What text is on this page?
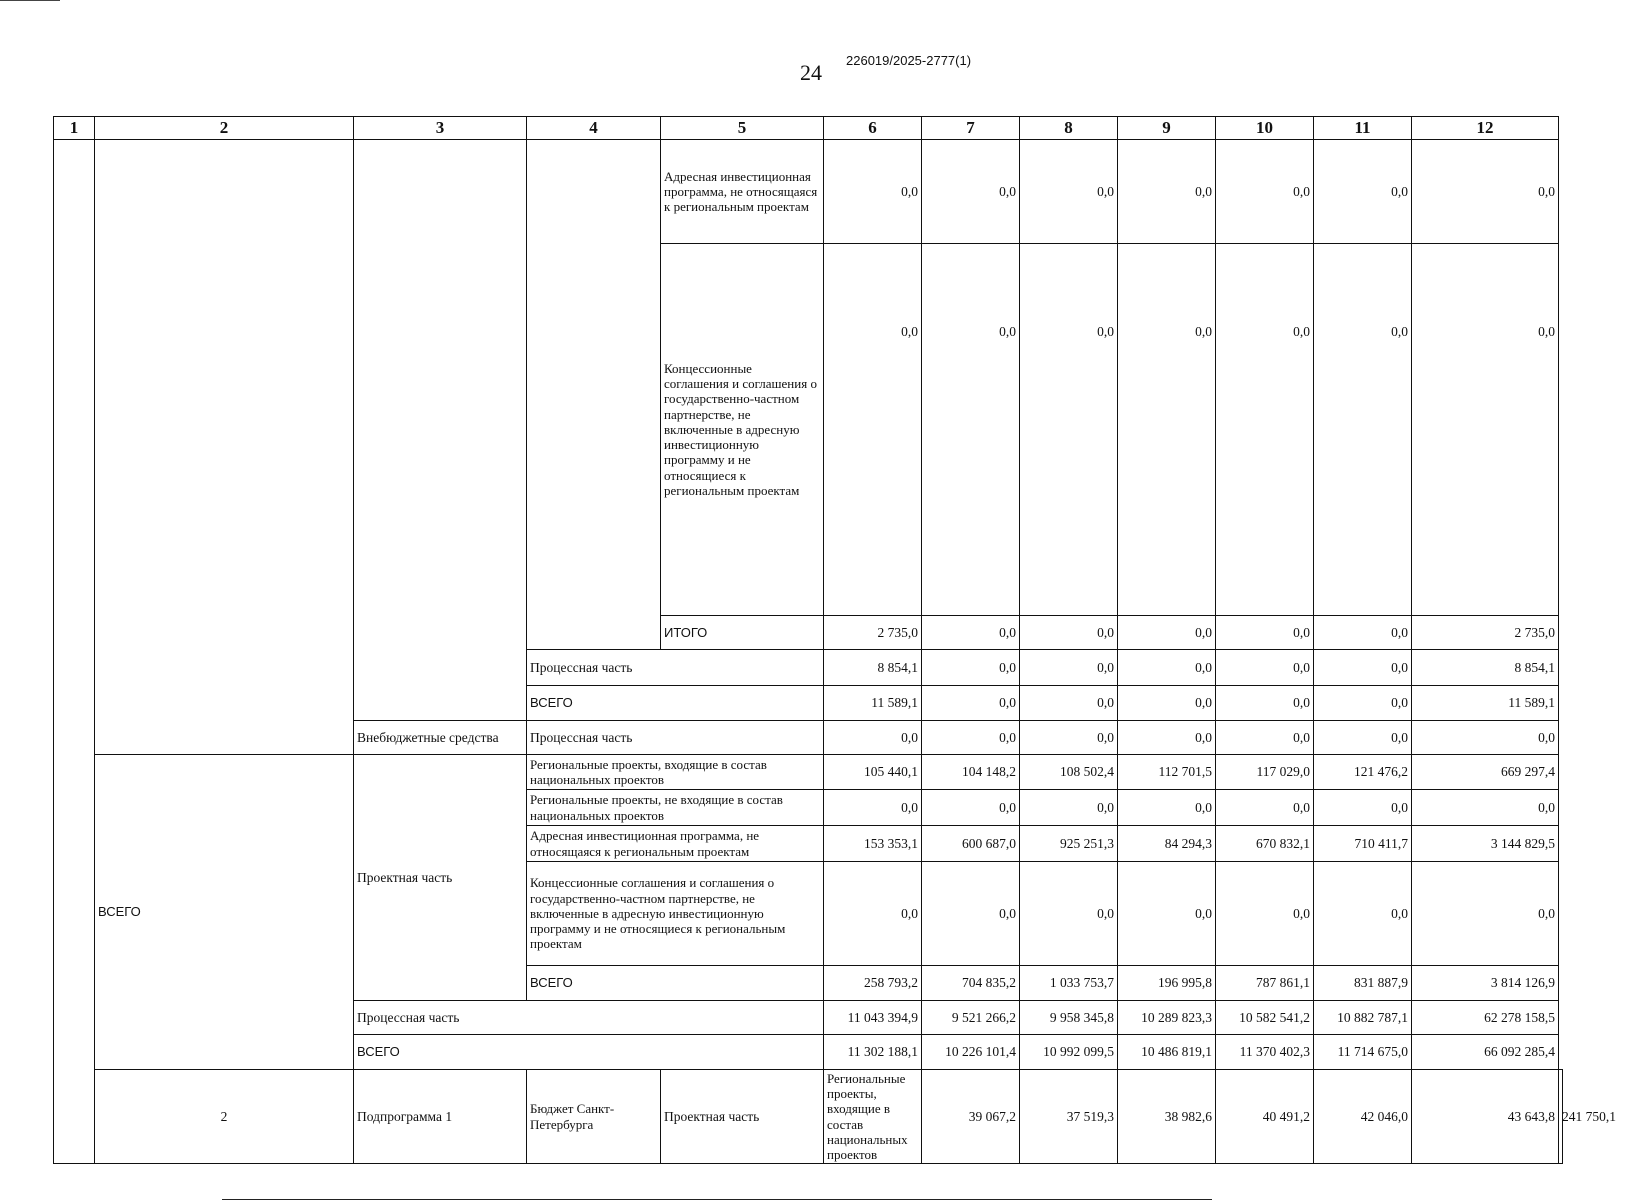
24 226019/2025-2777(1)
1	2	3	4	5	6	7	8	9	10	11	12	
				Адресная инвестиционная программа, не относящаяся к региональным проектам	0,0	0,0	0,0	0,0	0,0	0,0	0,0	
				Концессионные соглашения и соглашения о государственно-частном партнерстве, не включенные в адресную инвестиционную программу и не относящиеся к региональным проектам	0,0	0,0	0,0	0,0	0,0	0,0	0,0	
				ИТОГО	2 735,0	0,0	0,0	0,0	0,0	0,0	2 735,0	
			Процессная часть		8 854,1	0,0	0,0	0,0	0,0	0,0	8 854,1	
			ВСЕГО		11 589,1	0,0	0,0	0,0	0,0	0,0	11 589,1	
		Внебюджетные средства	Процессная часть		0,0	0,0	0,0	0,0	0,0	0,0	0,0	
	ВСЕГО	Проектная часть	Региональные проекты, входящие в состав национальных проектов		105 440,1	104 148,2	108 502,4	112 701,5	117 029,0	121 476,2	669 297,4	
			Региональные проекты, не входящие в состав национальных проектов		0,0	0,0	0,0	0,0	0,0	0,0	0,0	
			Адресная инвестиционная программа, не относящаяся к региональным проектам		153 353,1	600 687,0	925 251,3	84 294,3	670 832,1	710 411,7	3 144 829,5	
			Концессионные соглашения и соглашения о государственно-частном партнерстве, не включенные в адресную инвестиционную программу и не относящиеся к региональным проектам		0,0	0,0	0,0	0,0	0,0	0,0	0,0	
			ВСЕГО		258 793,2	704 835,2	1 033 753,7	196 995,8	787 861,1	831 887,9	3 814 126,9	
		Процессная часть			11 043 394,9	9 521 266,2	9 958 345,8	10 289 823,3	10 582 541,2	10 882 787,1	62 278 158,5	
		ВСЕГО			11 302 188,1	10 226 101,4	10 992 099,5	10 486 819,1	11 370 402,3	11 714 675,0	66 092 285,4	
	2	Подпрограмма 1	Бюджет Санкт-Петербурга	Проектная часть	Региональные проекты, входящие в состав национальных проектов	39 067,2	37 519,3	38 982,6	40 491,2	42 046,0	43 643,8	241 750,1
